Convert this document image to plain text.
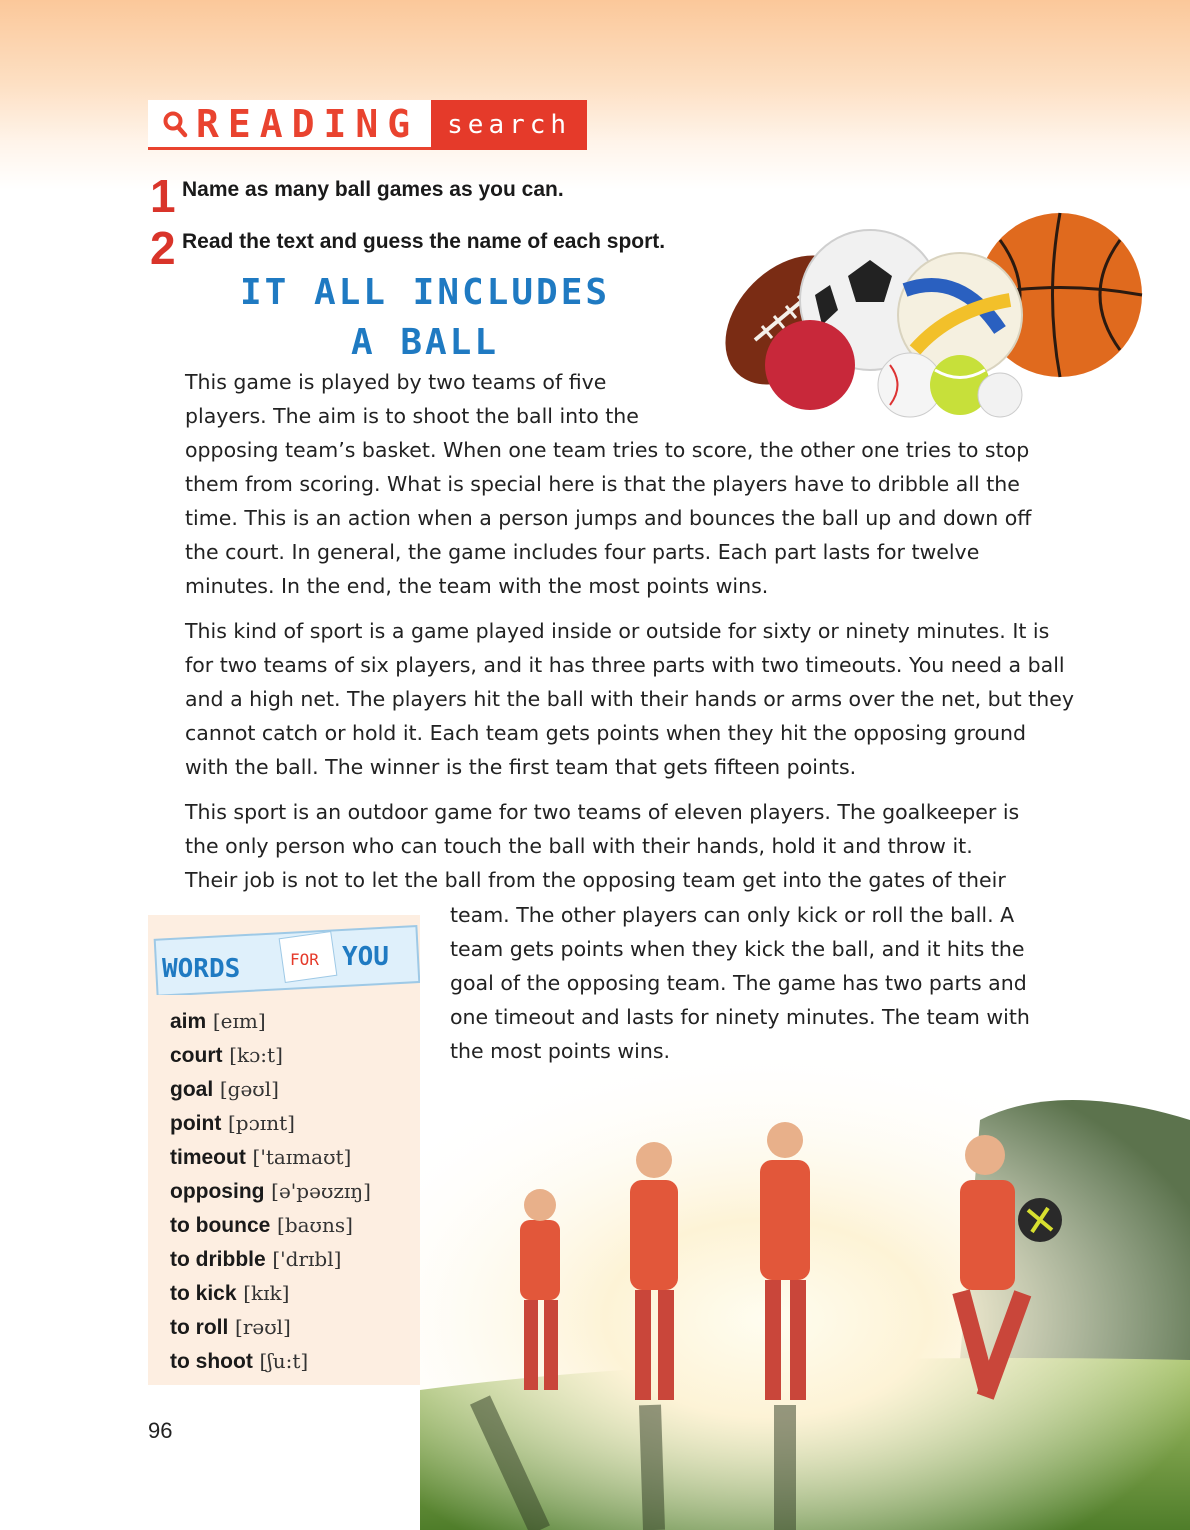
READING	search
1 Name as many ball games as you can.
2 Read the text and guess the name of each sport.
IT ALL INCLUDES
A BALL
This game is played by two teams of five
players. The aim is to shoot the ball into the
opposing team’s basket. When one team tries to score, the other one tries to stop
them from scoring. What is special here is that the players have to dribble all the
time. This is an action when a person jumps and bounces the ball up and down off
the court. In general, the game includes four parts. Each part lasts for twelve
minutes. In the end, the team with the most points wins.
This kind of sport is a game played inside or outside for sixty or ninety minutes. It is
for two teams of six players, and it has three parts with two timeouts. You need a ball
and a high net. The players hit the ball with their hands or arms over the net, but they
cannot catch or hold it. Each team gets points when they hit the opposing ground
with the ball. The winner is the first team that gets fifteen points.
This sport is an outdoor game for two teams of eleven players. The goalkeeper is
the only person who can touch the ball with their hands, hold it and throw it.
Their job is not to let the ball from the opposing team get into the gates of their
team. The other players can only kick or roll the ball. A
team gets points when they kick the ball, and it hits the
goal of the opposing team. The game has two parts and
one timeout and lasts for ninety minutes. The team with
the most points wins.
WORDS	FOR YOU
aim [eɪm]
court [kɔ:t]
goal [gəʊl]
point [pɔɪnt]
timeout ['taɪmaʊt]
opposing [ə'pəʊzɪŋ]
to bounce [baʊns]
to dribble ['drɪbl]
to kick [kɪk]
to roll [rəʊl]
to shoot [ʃu:t]
96
